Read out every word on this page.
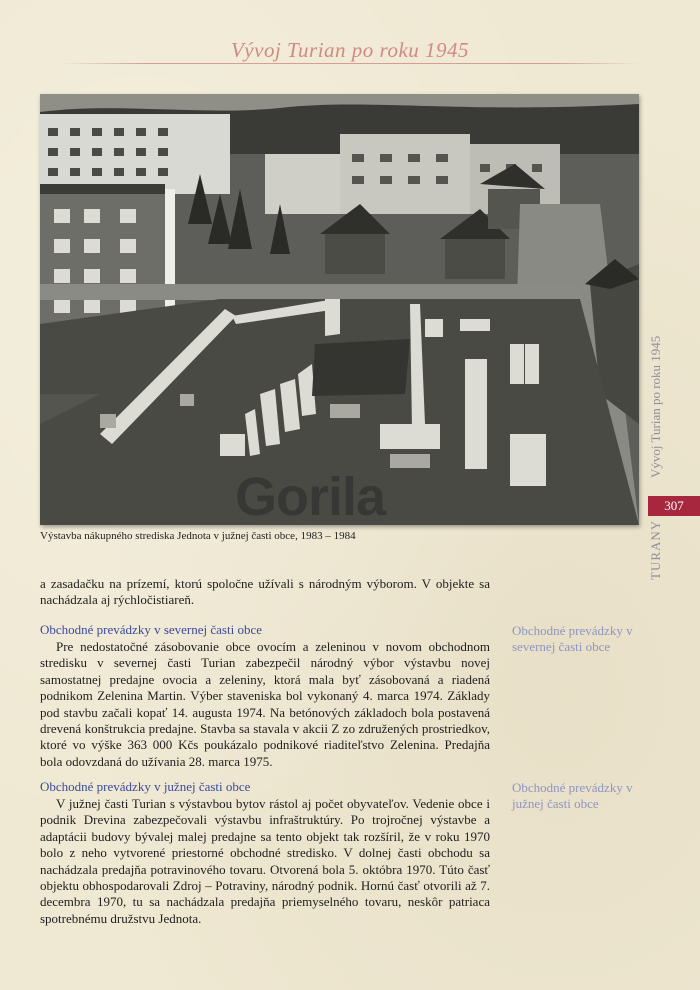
Vývoj Turian po roku 1945
Gorila
Výstavba nákupného strediska Jednota v južnej časti obce, 1983 – 1984
307
TURANY
Vývoj Turian po roku 1945

a zasadačku na prízemí, ktorú spoločne užívali s národným výborom. V objekte sa nachádzala aj rýchločistiareň.

Obchodné prevádzky v severnej časti obce

Pre nedostatočné zásobovanie obce ovocím a zeleninou v novom obchodnom stredisku v severnej časti Turian zabezpečil národný výbor výstavbu novej samostatnej predajne ovocia a zeleniny, ktorá mala byť zásobovaná a riadená podnikom Zelenina Martin. Výber staveniska bol vykonaný 4. marca 1974. Základy pod stavbu začali kopať 14. augusta 1974. Na betónových základoch bola postavená drevená konštrukcia predajne. Stavba sa stavala v akcii Z zo združených prostriedkov, ktoré vo výške 363 000 Kčs poukázalo podnikové riaditeľstvo Zelenina. Predajňa bola odovzdaná do užívania 28. marca 1975.

Obchodné prevádzky v severnej časti obce
Obchodné prevádzky v južnej časti obce

V južnej časti Turian s výstavbou bytov rástol aj počet obyvateľov. Vedenie obce i podnik Drevina zabezpečovali výstavbu infraštruktúry. Po trojročnej výstavbe a adaptácii budovy bývalej malej predajne sa tento objekt tak rozšíril, že v roku 1970 bolo z neho vytvorené priestorné obchodné stredisko. V dolnej časti obchodu sa nachádzala predajňa potravinového tovaru. Otvorená bola 5. októbra 1970. Túto časť objektu obhospodarovali Zdroj – Potraviny, národný podnik. Hornú časť otvorili až 7. decembra 1970, tu sa nachádzala predajňa priemyselného tovaru, neskôr patriaca spotrebnému družstvu Jednota.

Obchodné prevádzky v južnej časti obce
